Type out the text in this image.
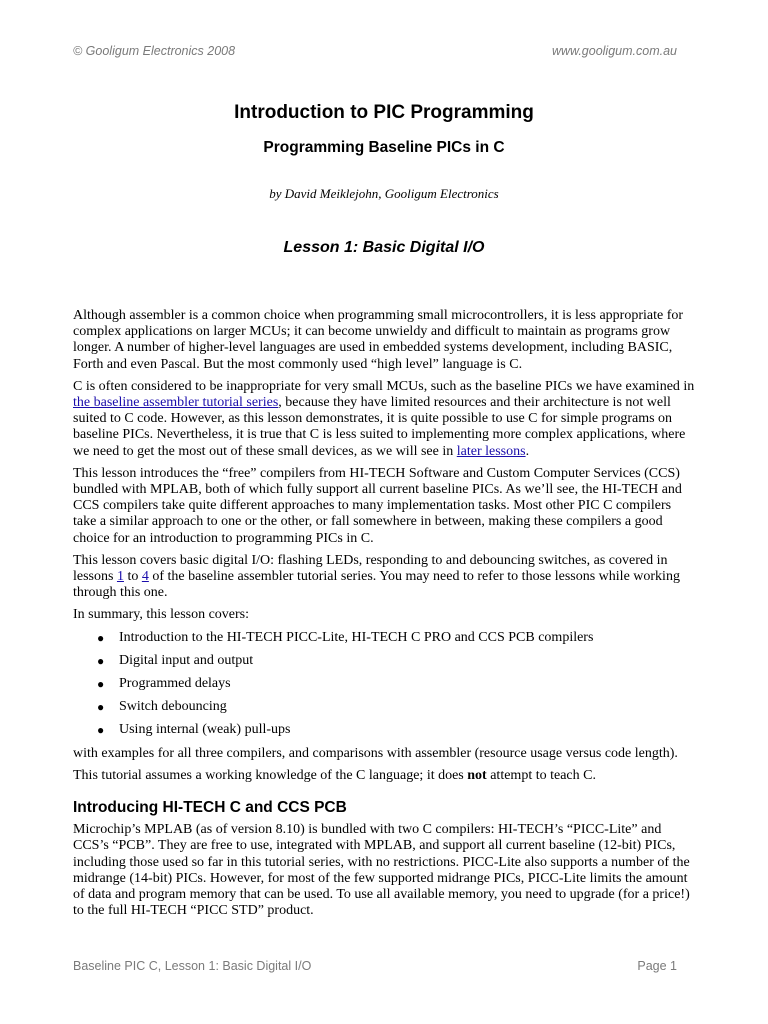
© Gooligum Electronics 2008	www.gooligum.com.au
Introduction to PIC Programming
Programming Baseline PICs in C
by David Meiklejohn, Gooligum Electronics
Lesson 1: Basic Digital I/O

Although assembler is a common choice when programming small microcontrollers, it is less appropriate for complex applications on larger MCUs; it can become unwieldy and difficult to maintain as programs grow longer. A number of higher-level languages are used in embedded systems development, including BASIC, Forth and even Pascal. But the most commonly used “high level” language is C.

C is often considered to be inappropriate for very small MCUs, such as the baseline PICs we have examined in the baseline assembler tutorial series, because they have limited resources and their architecture is not well suited to C code. However, as this lesson demonstrates, it is quite possible to use C for simple programs on baseline PICs. Nevertheless, it is true that C is less suited to implementing more complex applications, where we need to get the most out of these small devices, as we will see in later lessons.

This lesson introduces the “free” compilers from HI-TECH Software and Custom Computer Services (CCS) bundled with MPLAB, both of which fully support all current baseline PICs. As we’ll see, the HI-TECH and CCS compilers take quite different approaches to many implementation tasks. Most other PIC C compilers take a similar approach to one or the other, or fall somewhere in between, making these compilers a good choice for an introduction to programming PICs in C.

This lesson covers basic digital I/O: flashing LEDs, responding to and debouncing switches, as covered in lessons 1 to 4 of the baseline assembler tutorial series. You may need to refer to those lessons while working through this one.

In summary, this lesson covers:

● Introduction to the HI-TECH PICC-Lite, HI-TECH C PRO and CCS PCB compilers
● Digital input and output
● Programmed delays
● Switch debouncing
● Using internal (weak) pull-ups

with examples for all three compilers, and comparisons with assembler (resource usage versus code length).

This tutorial assumes a working knowledge of the C language; it does not attempt to teach C.

Introducing HI-TECH C and CCS PCB

Microchip’s MPLAB (as of version 8.10) is bundled with two C compilers: HI-TECH’s “PICC-Lite” and CCS’s “PCB”. They are free to use, integrated with MPLAB, and support all current baseline (12-bit) PICs, including those used so far in this tutorial series, with no restrictions. PICC-Lite also supports a number of the midrange (14-bit) PICs. However, for most of the few supported midrange PICs, PICC-Lite limits the amount of data and program memory that can be used. To use all available memory, you need to upgrade (for a price!) to the full HI-TECH “PICC STD” product.

Baseline PIC C, Lesson 1: Basic Digital I/O	Page 1
